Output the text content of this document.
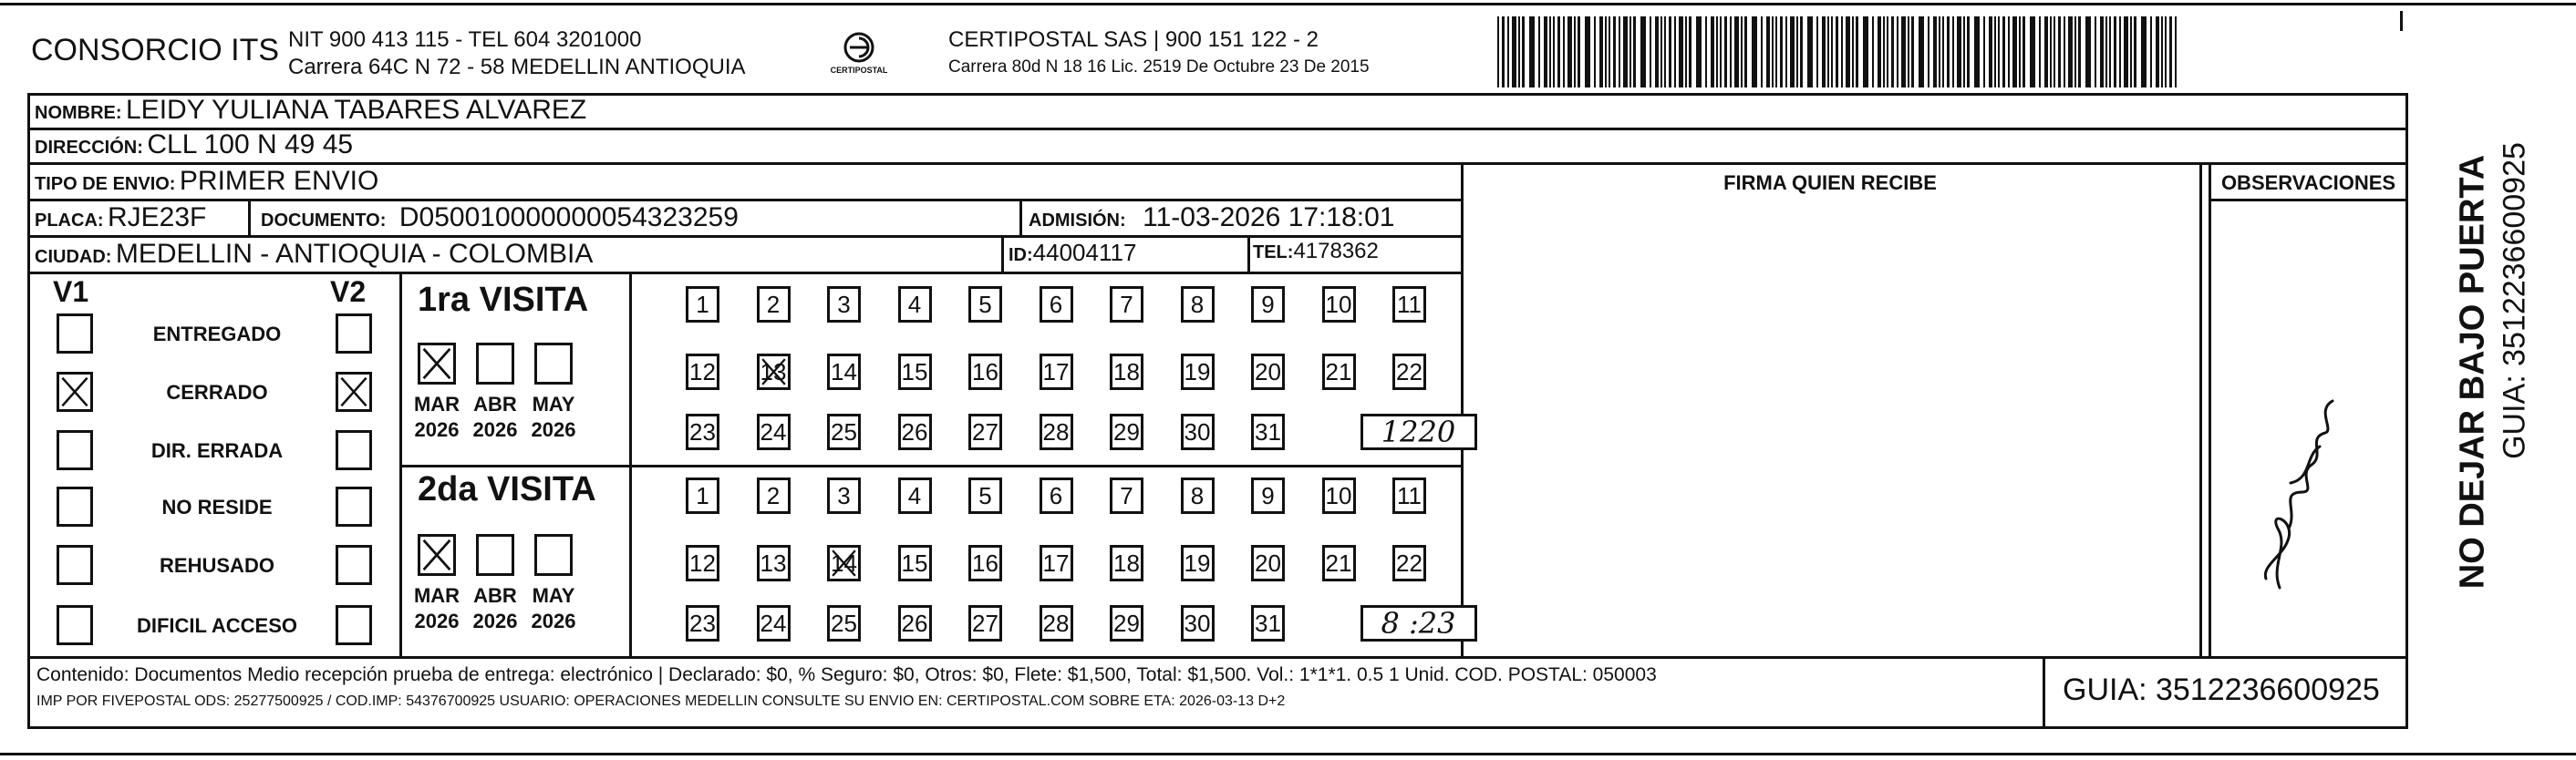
CONSORCIO ITS NIT 900 413 115 - TEL 604 3201000
Carrera 64C N 72 - 58 MEDELLIN ANTIOQUIA	CERTIPOSTAL
CERTIPOSTAL SAS | 900 151 122 - 2
Carrera 80d N 18 16 Lic. 2519 De Octubre 23 De 2015
NOMBRE: LEIDY YULIANA TABARES ALVAREZ
DIRECCIÓN: CLL 100 N 49 45
TIPO DE ENVIO: PRIMER ENVIO
PLACA: RJE23F	DOCUMENTO: D050010000000054323259	ADMISIÓN: 11-03-2026 17:18:01
CIUDAD: MEDELLIN - ANTIOQUIA - COLOMBIA	ID:44004117	TEL:4178362
FIRMA QUIEN RECIBE	OBSERVACIONES	NO DEJAR BAJO PUERTA GUIA: 3512236600925
V1	V2
ENTREGADO
CERRADO
DIR. ERRADA
NO RESIDE
REHUSADO
DIFICIL ACCESO
1ra VISITA
2da VISITA
MAR
2026
ABR
2026
MAY
2026
1	2	3	4	5	6	7	8	9	10 11
12 13 14 15 16 17 18 19 20 21 22
23 24 25 26 27 28 29 30 31	1220
MAR
2026
ABR
2026
MAY
2026
1	2	3	4	5	6	7	8	9	10 11
12 13 14 15 16 17 18 19 20 21 22
23 24 25 26 27 28 29 30 31	8 :23
Contenido: Documentos Medio recepción prueba de entrega: electrónico | Declarado: $0, % Seguro: $0, Otros: $0, Flete: $1,500, Total: $1,500. Vol.: 1*1*1. 0.5 1 Unid. COD. POSTAL: 050003
IMP POR FIVEPOSTAL ODS: 25277500925 / COD.IMP: 54376700925 USUARIO: OPERACIONES MEDELLIN CONSULTE SU ENVIO EN: CERTIPOSTAL.COM SOBRE ETA: 2026-03-13 D+2	GUIA: 3512236600925
